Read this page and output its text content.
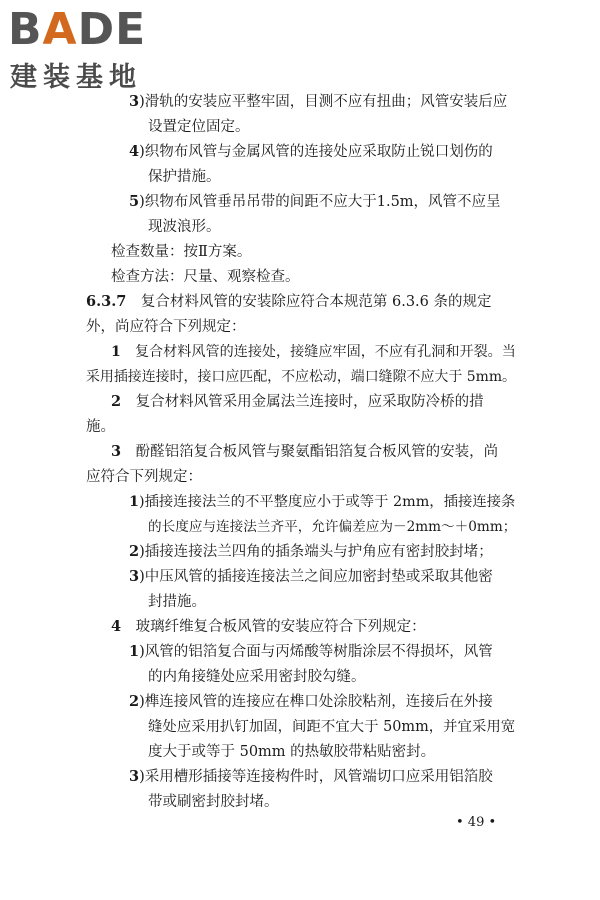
BADE
建装基地
3)滑轨的安装应平整牢固，目测不应有扭曲；风管安装后应
设置定位固定。
4)织物布风管与金属风管的连接处应采取防止锐口划伤的
保护措施。
5)织物布风管垂吊吊带的间距不应大于1.5m，风管不应呈
现波浪形。
检查数量：按Ⅱ方案。
检查方法：尺量、观察检查。
6.3.7　复合材料风管的安装除应符合本规范第 6.3.6 条的规定
外，尚应符合下列规定：
1　复合材料风管的连接处，接缝应牢固，不应有孔洞和开裂。当
采用插接连接时，接口应匹配，不应松动，端口缝隙不应大于 5mm。
2　复合材料风管采用金属法兰连接时，应采取防冷桥的措
施。
3　酚醛铝箔复合板风管与聚氨酯铝箔复合板风管的安装，尚
应符合下列规定：
1)插接连接法兰的不平整度应小于或等于 2mm，插接连接条
的长度应与连接法兰齐平，允许偏差应为－2mm～＋0mm；
2)插接连接法兰四角的插条端头与护角应有密封胶封堵；
3)中压风管的插接连接法兰之间应加密封垫或采取其他密
封措施。
4　玻璃纤维复合板风管的安装应符合下列规定：
1)风管的铝箔复合面与丙烯酸等树脂涂层不得损坏，风管
的内角接缝处应采用密封胶勾缝。
2)榫连接风管的连接应在榫口处涂胶粘剂，连接后在外接
缝处应采用扒钉加固，间距不宜大于 50mm，并宜采用宽
度大于或等于 50mm 的热敏胶带粘贴密封。
3)采用槽形插接等连接构件时，风管端切口应采用铝箔胶
带或刷密封胶封堵。
• 49 •
